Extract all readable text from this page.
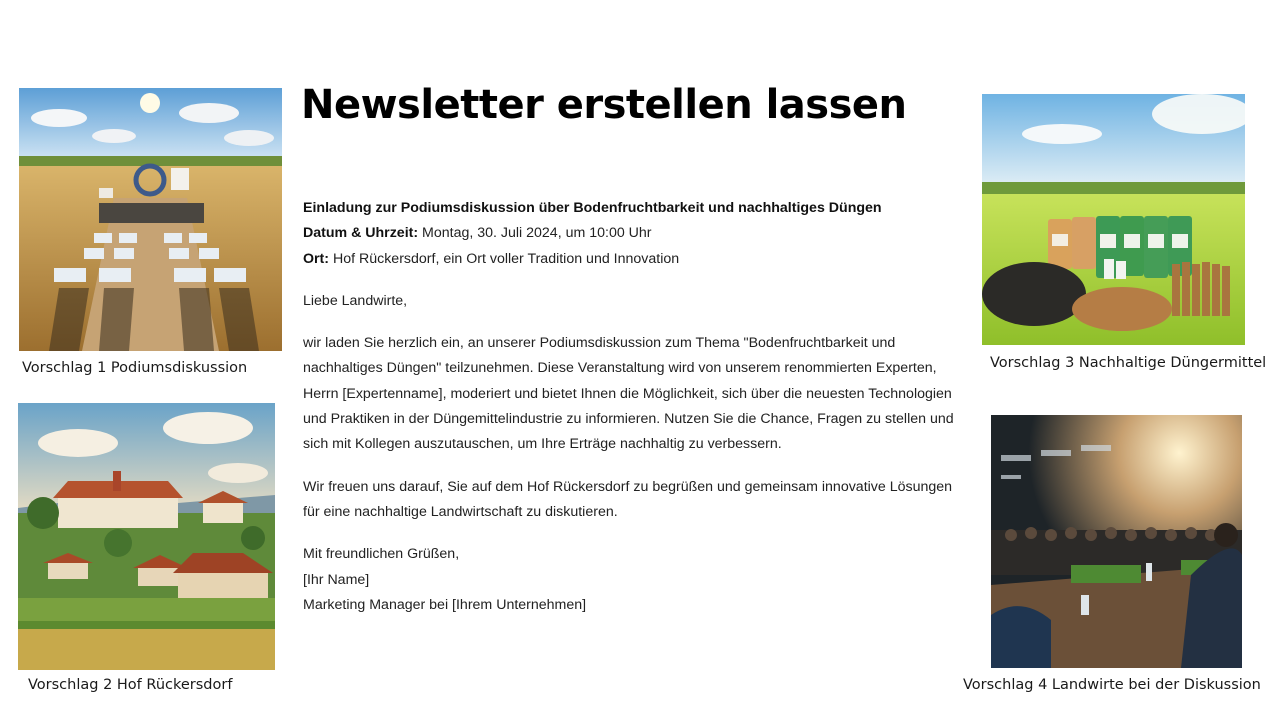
Newsletter erstellen lassen
Vorschlag 1 Podiumsdiskussion
Vorschlag 2 Hof Rückersdorf
Vorschlag 3 Nachhaltige Düngermittel
Vorschlag 4 Landwirte bei der Diskussion
Einladung zur Podiumsdiskussion über Bodenfruchtbarkeit und nachhaltiges Düngen
Datum & Uhrzeit: Montag, 30. Juli 2024, um 10:00 Uhr

Ort: Hof Rückersdorf, ein Ort voller Tradition und Innovation

Liebe Landwirte,

wir laden Sie herzlich ein, an unserer Podiumsdiskussion zum Thema "Bodenfruchtbarkeit und nachhaltiges Düngen" teilzunehmen. Diese Veranstaltung wird von unserem renommierten Experten, Herrn [Expertenname], moderiert und bietet Ihnen die Möglichkeit, sich über die neuesten Technologien und Praktiken in der Düngemittelindustrie zu informieren. Nutzen Sie die Chance, Fragen zu stellen und sich mit Kollegen auszutauschen, um Ihre Erträge nachhaltig zu verbessern.

Wir freuen uns darauf, Sie auf dem Hof Rückersdorf zu begrüßen und gemeinsam innovative Lösungen für eine nachhaltige Landwirtschaft zu diskutieren.

Mit freundlichen Grüßen,
[Ihr Name]
Marketing Manager bei [Ihrem Unternehmen]
